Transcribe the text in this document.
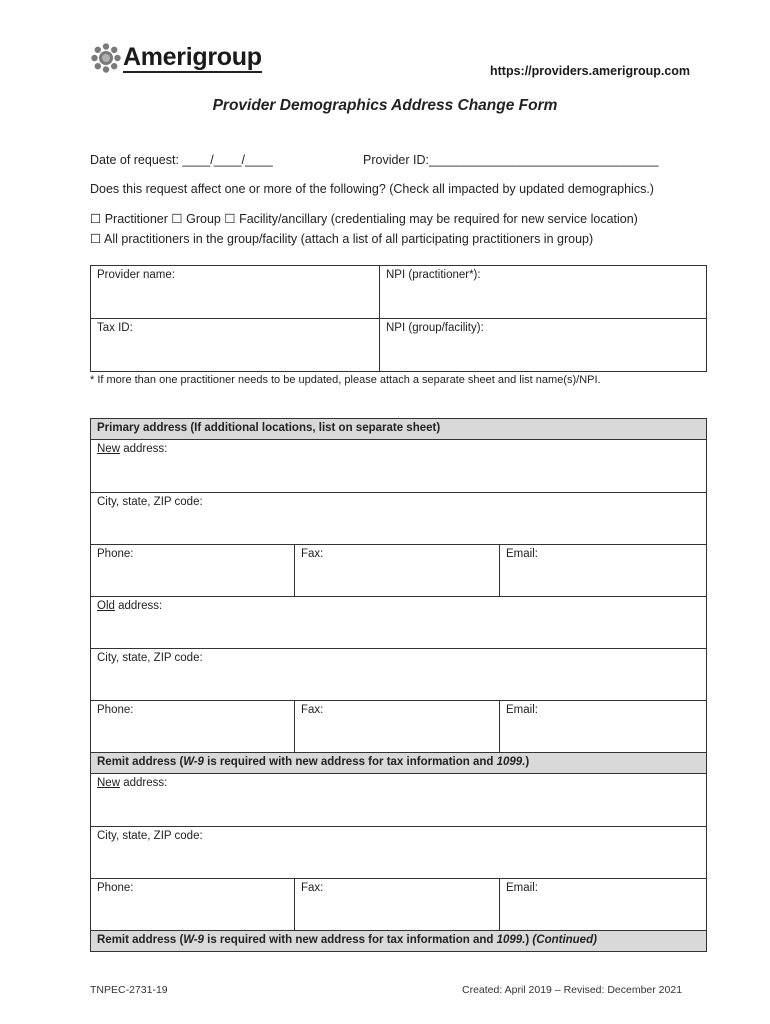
Amerigroup
https://providers.amerigroup.com
Provider Demographics Address Change Form
Date of request: ____/____/____	Provider ID:_________________________________
Does this request affect one or more of the following? (Check all impacted by updated demographics.)
☐ Practitioner ☐ Group ☐ Facility/ancillary (credentialing may be required for new service location)
☐ All practitioners in the group/facility (attach a list of all participating practitioners in group)
Provider name:	NPI (practitioner*):
Tax ID:	NPI (group/facility):
* If more than one practitioner needs to be updated, please attach a separate sheet and list name(s)/NPI.
Primary address (If additional locations, list on separate sheet)		
New address:		
City, state, ZIP code:		
Phone:	Fax:	Email:
Old address:		
City, state, ZIP code:		
Phone:	Fax:	Email:
Remit address (W-9 is required with new address for tax information and 1099.)		
New address:		
City, state, ZIP code:		
Phone:	Fax:	Email:
Remit address (W-9 is required with new address for tax information and 1099.) (Continued)		
TNPEC-2731-19	Created: April 2019 – Revised: December 2021
